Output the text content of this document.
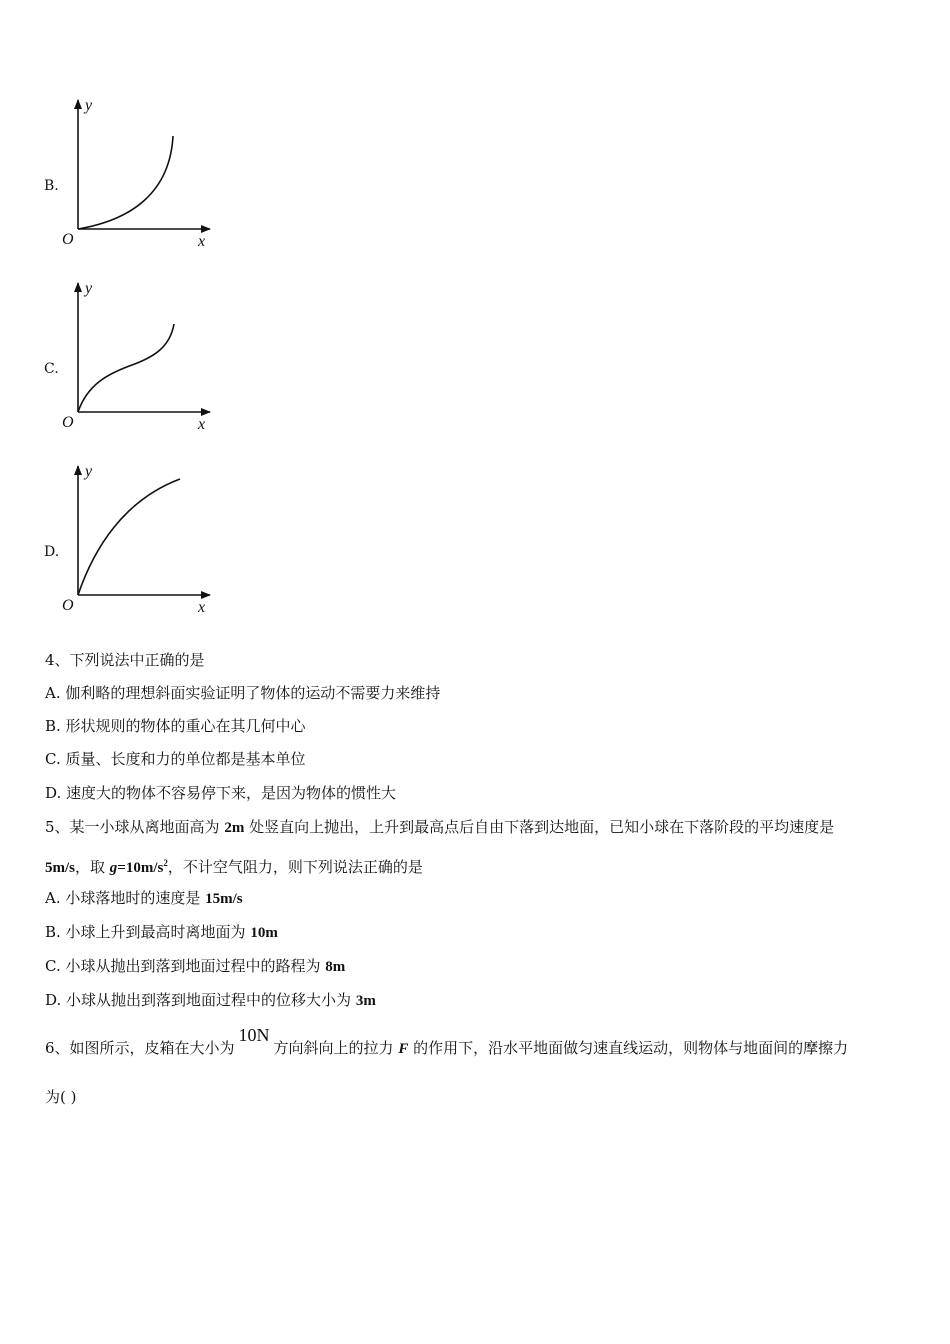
B.
y
x
O
C.
y
x
O
D.
y
x
O
4、下列说法中正确的是
A. 伽利略的理想斜面实验证明了物体的运动不需要力来维持
B. 形状规则的物体的重心在其几何中心
C. 质量、长度和力的单位都是基本单位
D. 速度大的物体不容易停下来，是因为物体的惯性大
5、某一小球从离地面高为 2m 处竖直向上抛出，上升到最高点后自由下落到达地面，已知小球在下落阶段的平均速度是
5m/s，取 $g=10m/s^2$，不计空气阻力，则下列说法正确的是
A. 小球落地时的速度是 15m/s
B. 小球上升到最高时离地面为 10m
C. 小球从抛出到落到地面过程中的路程为 8m
D. 小球从抛出到落到地面过程中的位移大小为 3m
6、如图所示，皮箱在大小为10N方向斜向上的拉力 F 的作用下，沿水平地面做匀速直线运动，则物体与地面间的摩擦力
为( )
